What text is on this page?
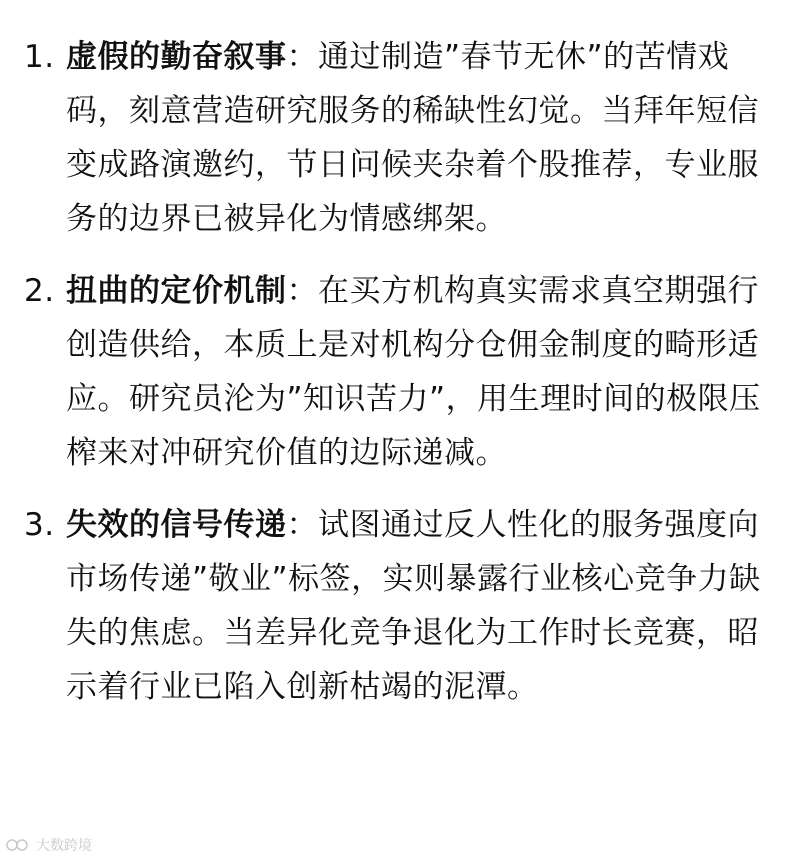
1. 虚假的勤奋叙事：通过制造”春节无休”的苦情戏码，刻意营造研究服务的稀缺性幻觉。当拜年短信变成路演邀约，节日问候夹杂着个股推荐，专业服务的边界已被异化为情感绑架。
2. 扭曲的定价机制：在买方机构真实需求真空期强行创造供给，本质上是对机构分仓佣金制度的畸形适应。研究员沦为”知识苦力”，用生理时间的极限压榨来对冲研究价值的边际递减。
3. 失效的信号传递：试图通过反人性化的服务强度向市场传递”敬业”标签，实则暴露行业核心竞争力缺失的焦虑。当差异化竞争退化为工作时长竞赛，昭示着行业已陷入创新枯竭的泥潭。
大数跨境
